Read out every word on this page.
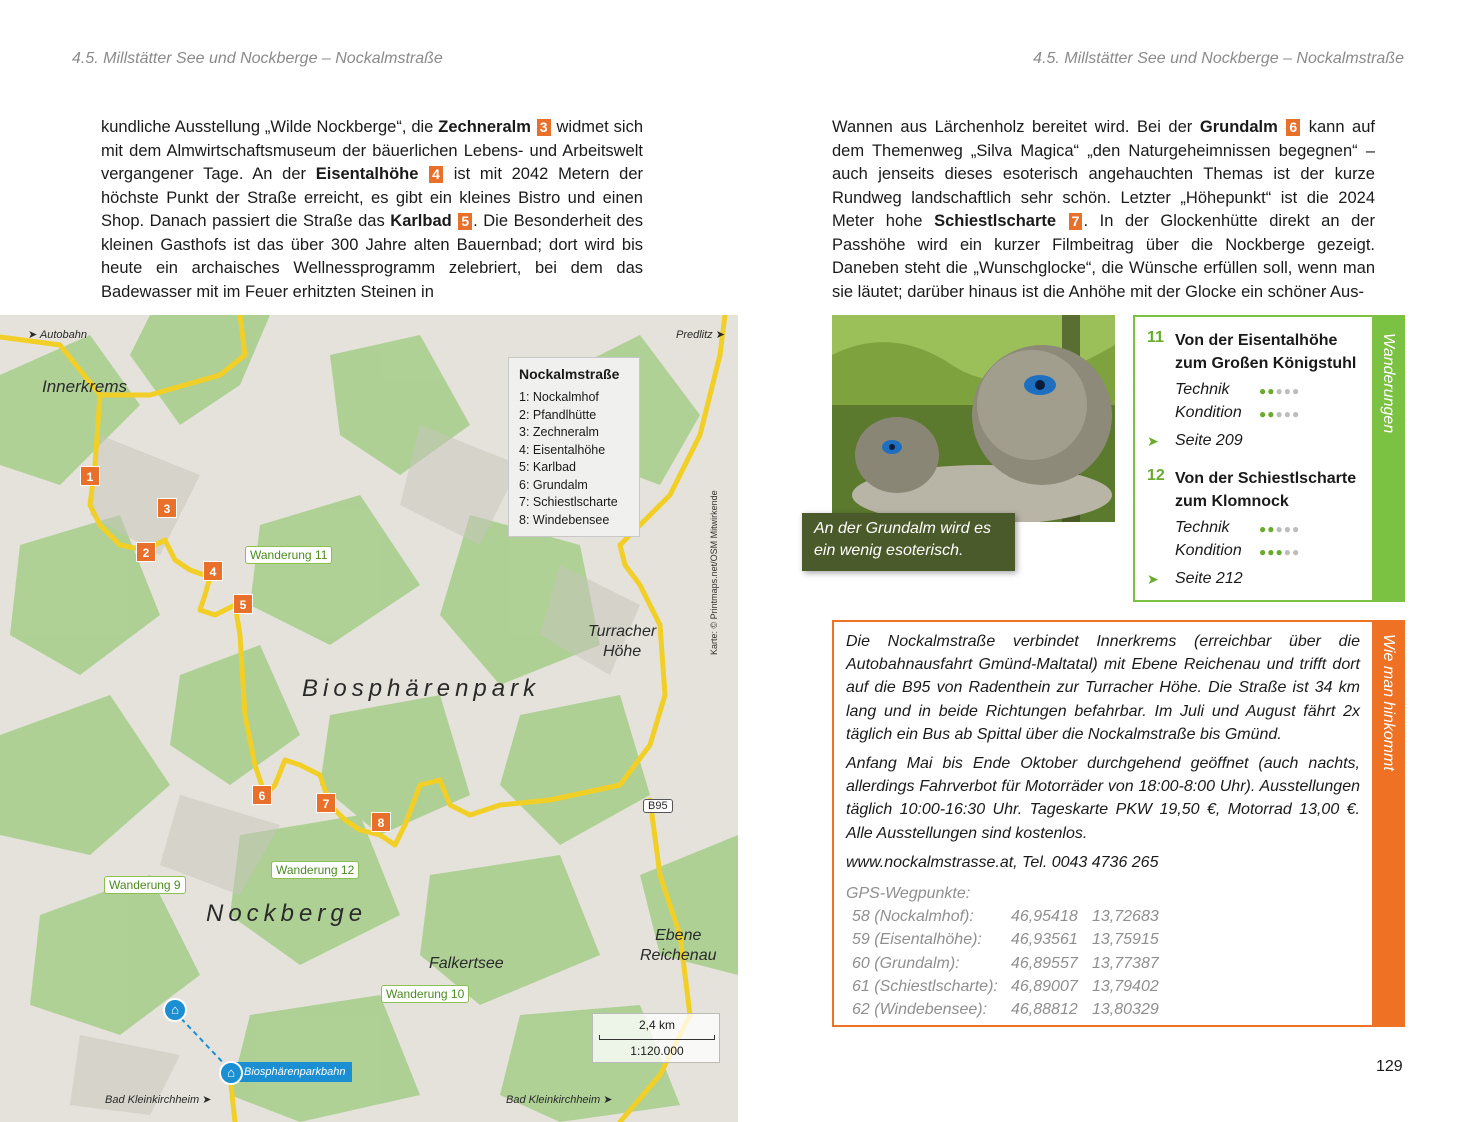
4.5. Millstätter See und Nockberge – Nockalmstraße	4.5. Millstätter See und Nockberge – Nockalmstraße
kundliche Ausstellung „Wilde Nockberge“, die Zechneralm 3 widmet sich mit dem Almwirtschaftsmuseum der bäuerlichen Lebens- und Arbeitswelt vergangener Tage. An der Eisentalhöhe 4 ist mit 2042 Metern der höchste Punkt der Straße erreicht, es gibt ein kleines Bistro und einen Shop. Danach passiert die Straße das Karlbad 5 . Die Besonderheit des kleinen Gasthofs ist das über 300 Jahre alten Bauernbad; dort wird bis heute ein archaisches Wellnessprogramm zelebriert, bei dem das Badewasser mit im Feuer erhitzten Steinen in
Wannen aus Lärchenholz bereitet wird. Bei der Grundalm 6 kann auf dem Themenweg „Silva Magica“ „den Naturgeheimnissen begegnen“ – auch jenseits dieses esoterisch angehauchten Themas ist der kurze Rundweg landschaftlich sehr schön. Letzter „Höhepunkt“ ist die 2024 Meter hohe Schiestlscharte 7 . In der Glockenhütte direkt an der Passhöhe wird ein kurzer Filmbeitrag über die Nockberge gezeigt. Daneben steht die „Wunschglocke“, die Wünsche erfüllen soll, wenn man sie läutet; darüber hinaus ist die Anhöhe mit der Glocke ein schöner Aus-
➤ Autobahn	Predlitz ➤
Innerkrems
Turracher
Höhe
Biosphärenpark
Nockberge
Falkertsee
Ebene
Reichenau
Bad Kleinkirchheim ➤	Bad Kleinkirchheim ➤
B95
Wanderung 11
Wanderung 12
Wanderung 9
Wanderung 10
1
2
3
4
5
6
7
8
Nockalmstraße
1: Nockalmhof
2: Pfandlhütte
3: Zechneralm
4: Eisentalhöhe
5: Karlbad
6: Grundalm
7: Schiestlscharte
8: Windebensee
2,4 km
1:120.000
⌂
⌂ Biosphärenparkbahn
Karte: © Printmaps.net/OSM Mitwirkende	An der Grundalm wird es ein wenig esoterisch.
11 Von der Eisentalhöhe zum Großen Königstuhl
Technik ●●●●●
Kondition ●●●●●
➤ Seite 209
12 Von der Schiestlscharte zum Klomnock
Technik ●●●●●
Kondition ●●●●●
➤ Seite 212
Wanderungen

Die Nockalmstraße verbindet Innerkrems (erreichbar über die Autobahnausfahrt Gmünd-Maltatal) mit Ebene Reichenau und trifft dort auf die B95 von Radenthein zur Turracher Höhe. Die Straße ist 34 km lang und in beide Richtungen befahrbar. Im Juli und August fährt 2x täglich ein Bus ab Spittal über die Nockalmstraße bis Gmünd.

Anfang Mai bis Ende Oktober durchgehend geöffnet (auch nachts, allerdings Fahrverbot für Motorräder von 18:00-8:00 Uhr). Ausstellungen täglich 10:00-16:30 Uhr. Tageskarte PKW 19,50 €, Motorrad 13,00 €. Alle Ausstellungen sind kostenlos.

www.nockalmstrasse.at, Tel. 0043 4736 265

GPS-Wegpunkte:
58 (Nockalmhof): 46,95418 13,72683
59 (Eisentalhöhe): 46,93561 13,75915
60 (Grundalm):	46,89557 13,77387
61 (Schiestlscharte): 46,89007 13,79402
62 (Windebensee): 46,88812 13,80329
Wie man hinkommt
129
